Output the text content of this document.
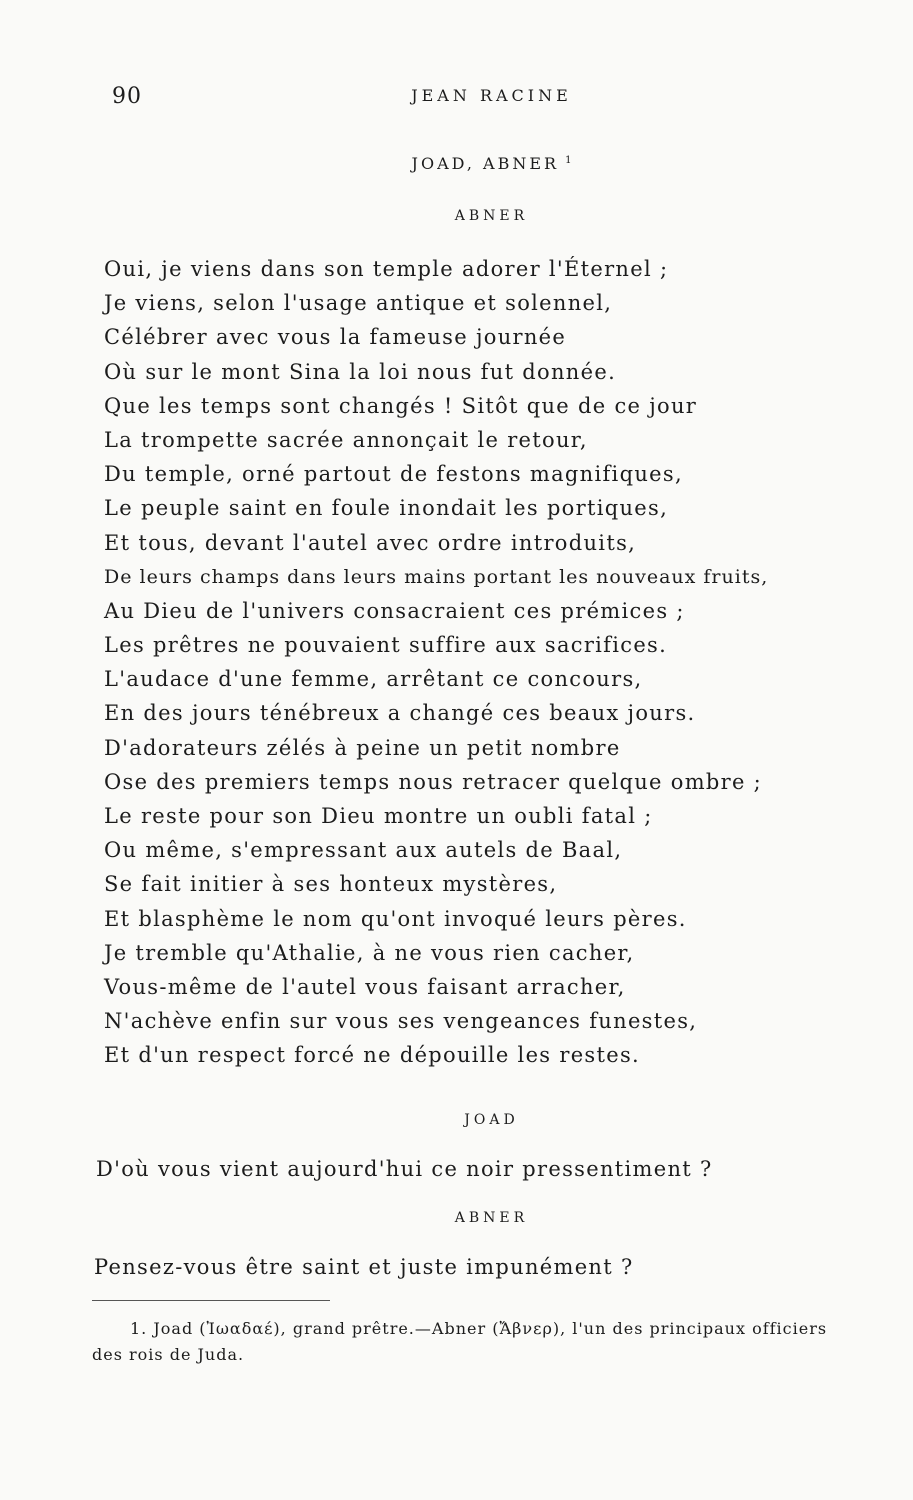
90	JEAN RACINE
JOAD, ABNER $^1$
ABNER
Oui, je viens dans son temple adorer l'Éternel ;
Je viens, selon l'usage antique et solennel,
Célébrer avec vous la fameuse journée
Où sur le mont Sina la loi nous fut donnée.
Que les temps sont changés ! Sitôt que de ce jour
La trompette sacrée annonçait le retour,
Du temple, orné partout de festons magnifiques,
Le peuple saint en foule inondait les portiques,
Et tous, devant l'autel avec ordre introduits,
De leurs champs dans leurs mains portant les nouveaux fruits,
Au Dieu de l'univers consacraient ces prémices ;
Les prêtres ne pouvaient suffire aux sacrifices.
L'audace d'une femme, arrêtant ce concours,
En des jours ténébreux a changé ces beaux jours.
D'adorateurs zélés à peine un petit nombre
Ose des premiers temps nous retracer quelque ombre ;
Le reste pour son Dieu montre un oubli fatal ;
Ou même, s'empressant aux autels de Baal,
Se fait initier à ses honteux mystères,
Et blasphème le nom qu'ont invoqué leurs pères.
Je tremble qu'Athalie, à ne vous rien cacher,
Vous-même de l'autel vous faisant arracher,
N'achève enfin sur vous ses vengeances funestes,
Et d'un respect forcé ne dépouille les restes.
JOAD
D'où vous vient aujourd'hui ce noir pressentiment ?
ABNER
Pensez-vous être saint et juste impunément ?

1. Joad (Ἰωαδαέ), grand prêtre.—Abner (Ἄβνερ), l'un des principaux officiers des rois de Juda.
